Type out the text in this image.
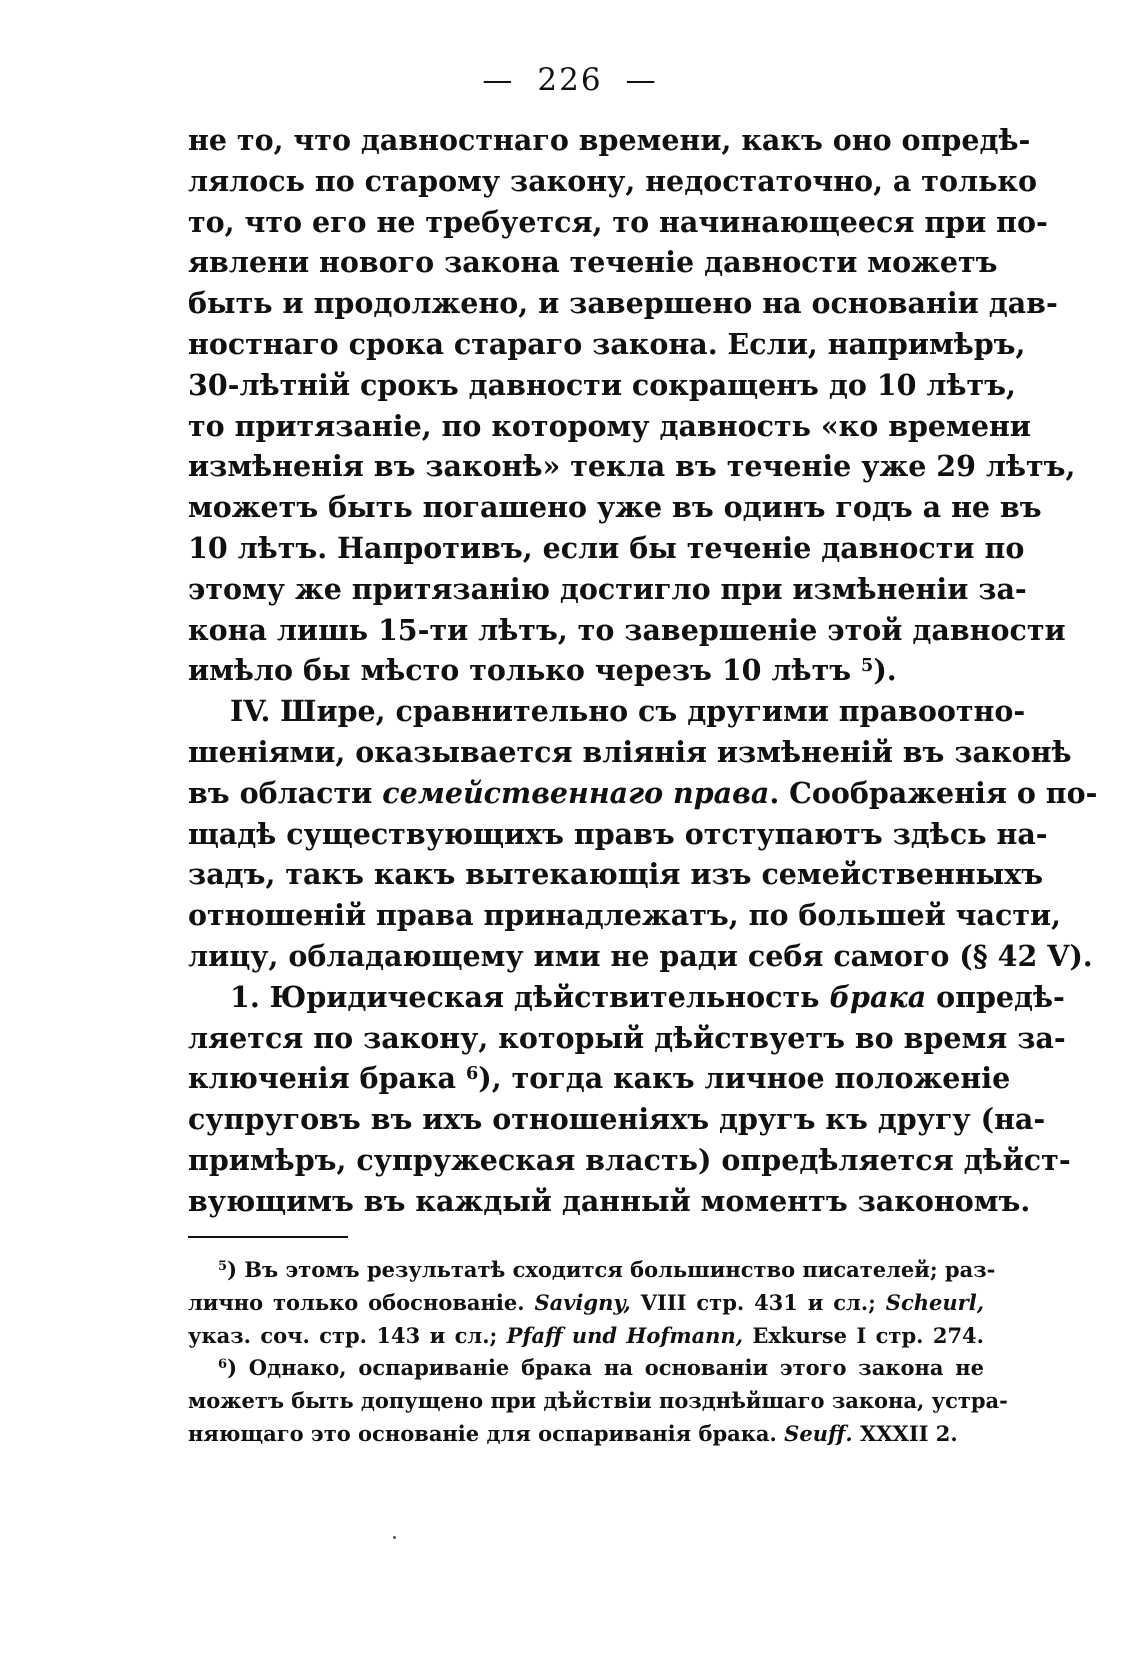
— 226 —
не то, что давностнаго времени, какъ оно опредѣ-
лялось по старому закону, недостаточно, а только
то, что его не требуется, то начинающееся при по-
явлени нового закона теченіе давности можетъ
быть и продолжено, и завершено на основаніи дав-
ностнаго срока стараго закона. Если, напримѣръ,
30-лѣтній срокъ давности сокращенъ до 10 лѣтъ,
то притязаніе, по которому давность «ко времени
измѣненія въ законѣ» текла въ теченіе уже 29 лѣтъ,
можетъ быть погашено уже въ одинъ годъ а не въ
10 лѣтъ. Напротивъ, если бы теченіе давности по
этому же притязанію достигло при измѣненіи за-
кона лишь 15-ти лѣтъ, то завершеніе этой давности
имѣло бы мѣсто только черезъ 10 лѣтъ $^5$).
IV. Шире, сравнительно съ другими правоотно-
шеніями, оказывается вліянія измѣненій въ законѣ
въ области семейственнаго права. Соображенія о по-
щадѣ существующихъ правъ отступаютъ здѣсь на-
задъ, такъ какъ вытекающія изъ семейственныхъ
отношеній права принадлежатъ, по большей части,
лицу, обладающему ими не ради себя самого (§ 42 V).
1. Юридическая дѣйствительность брака опредѣ-
ляется по закону, который дѣйствуетъ во время за-
ключенія брака $^6$), тогда какъ личное положеніе
супруговъ въ ихъ отношеніяхъ другъ къ другу (на-
примѣръ, супружеская власть) опредѣляется дѣйст-
вующимъ въ каждый данный моментъ закономъ.
$^5$) Въ этомъ результатѣ сходится большинство писателей; раз-
лично только обоснованіе. Savigny, VIII стр. 431 и сл.; Scheurl,
указ. соч. стр. 143 и сл.; Pfaff und Hofmann, Exkurse I стр. 274.
$^6$) Однако, оспариваніе брака на основаніи этого закона не
можетъ быть допущено при дѣйствіи позднѣйшаго закона, устра-
няющаго это основаніе для оспариванія брака. Seuff. XXXII 2.
